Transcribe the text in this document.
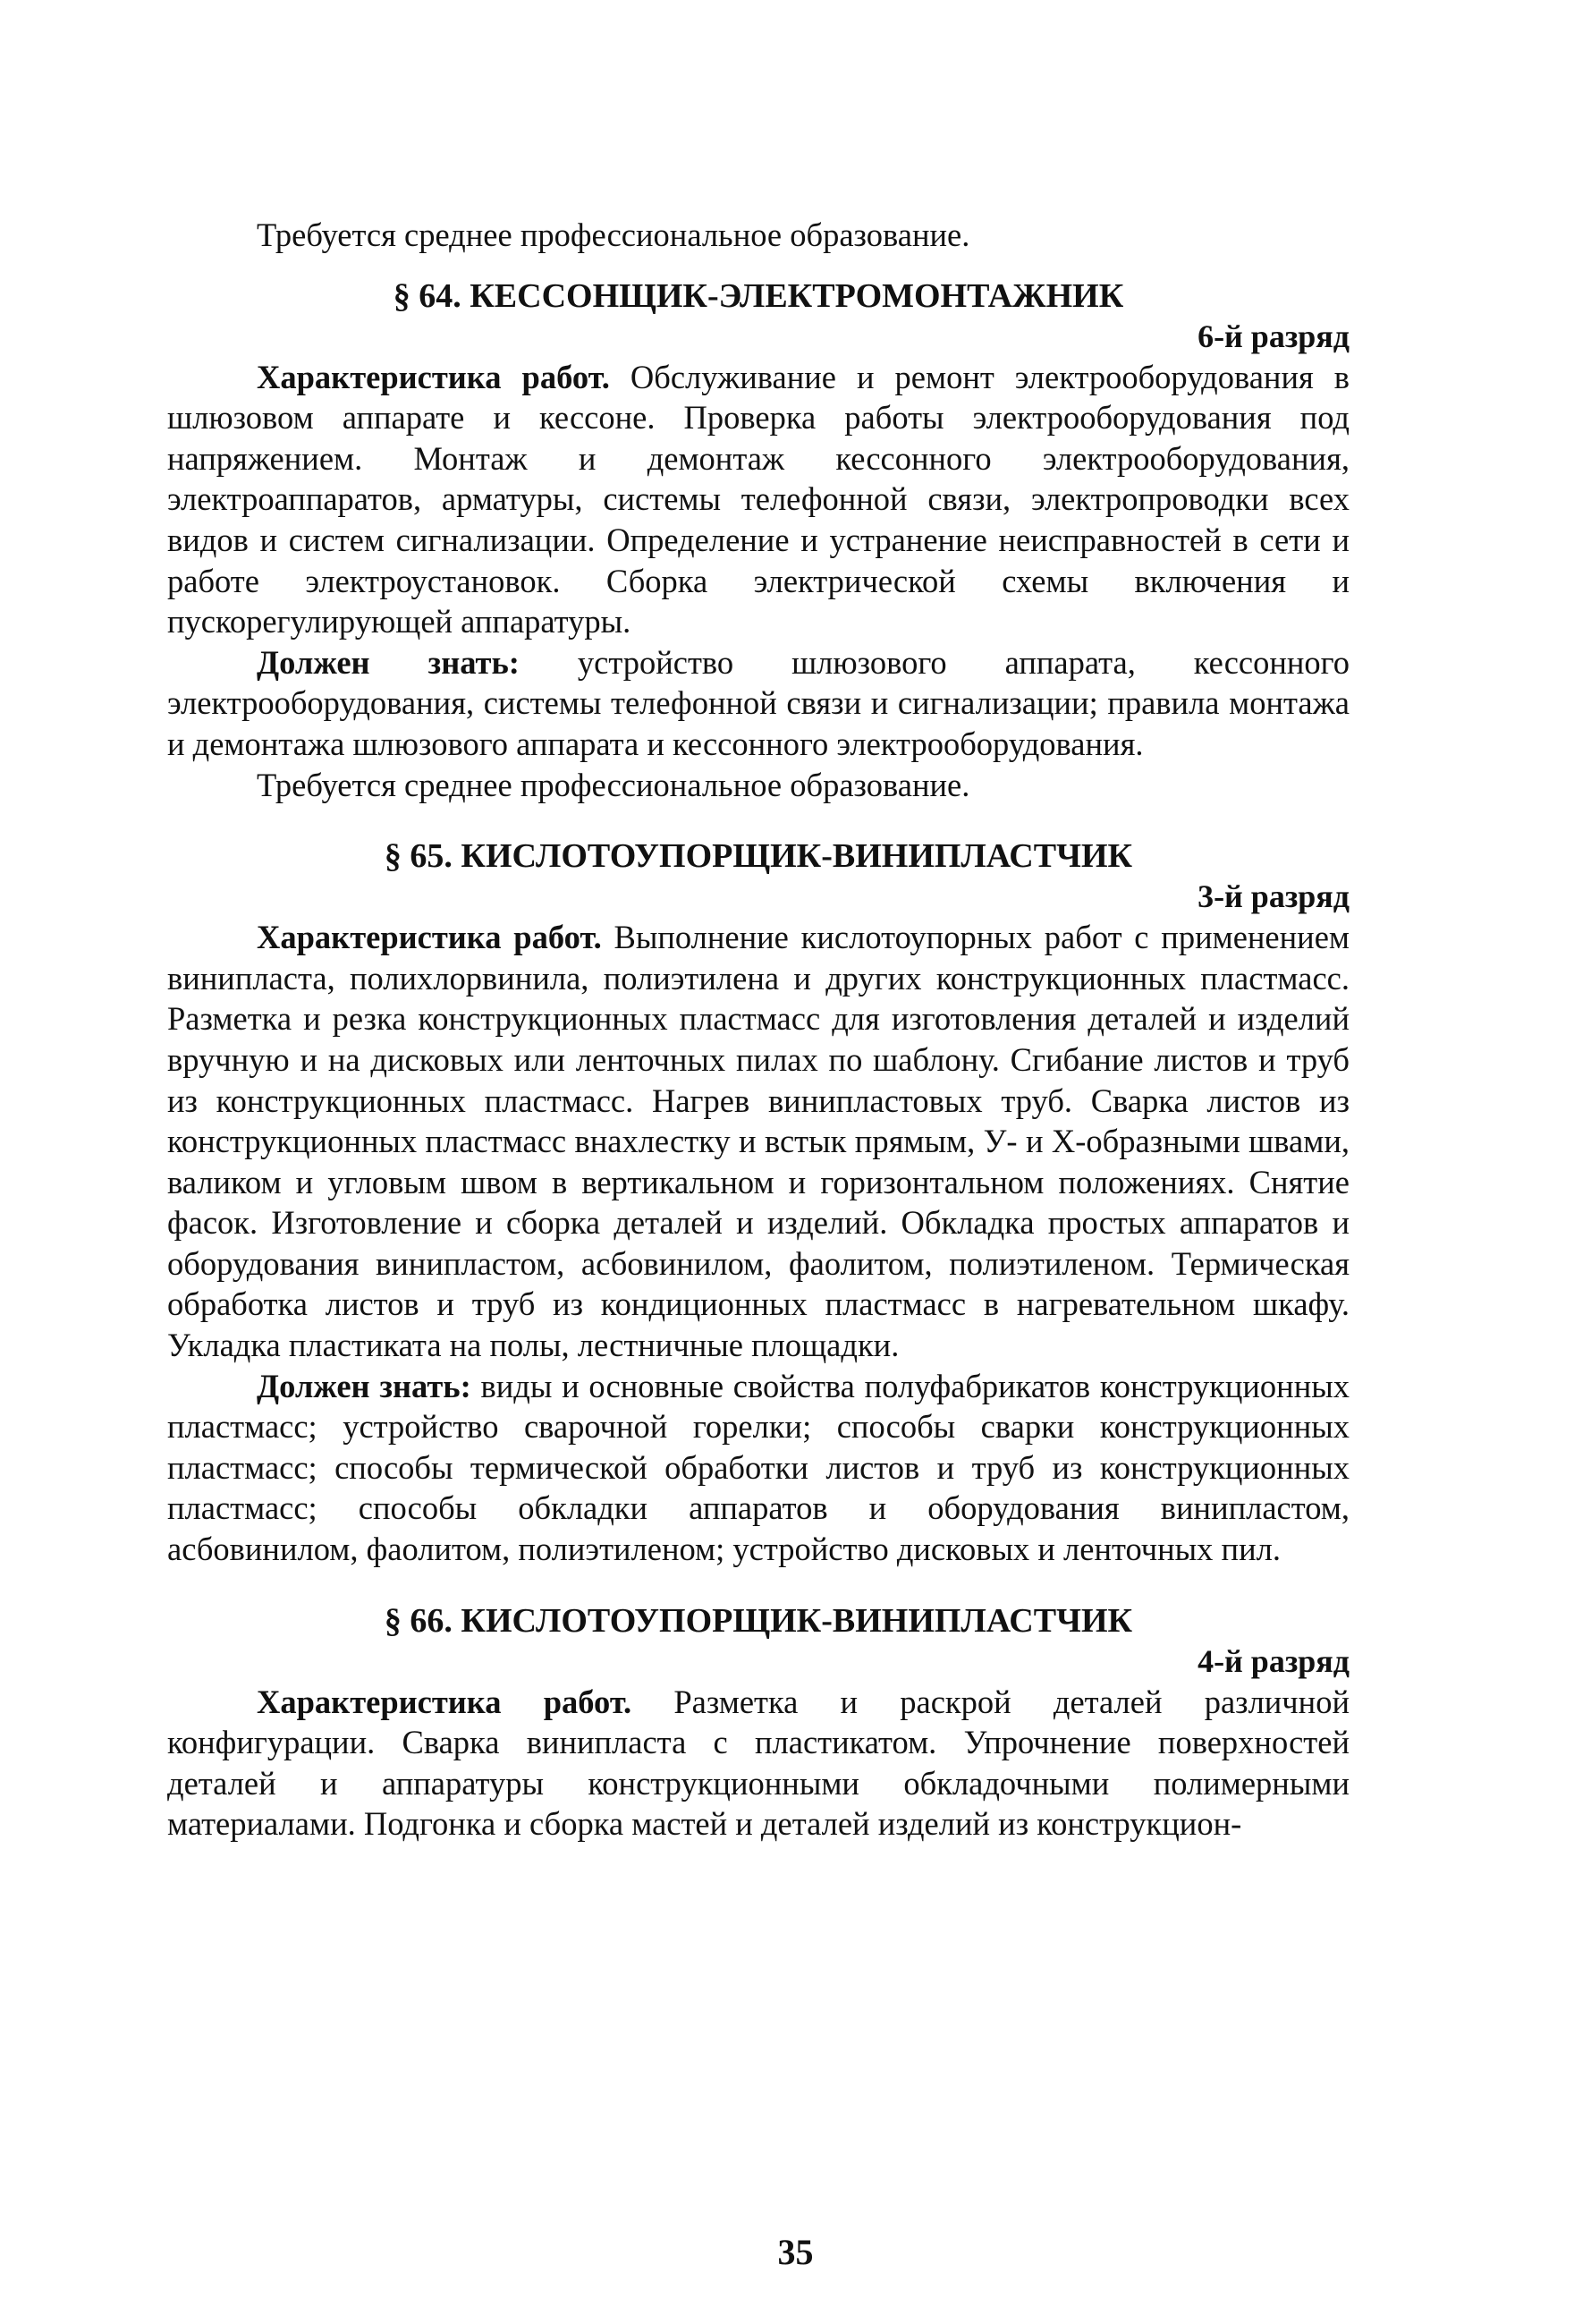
Требуется среднее профессиональное образование.

§ 64. КЕССОНЩИК-ЭЛЕКТРОМОНТАЖНИК
6-й разряд

Характеристика работ. Обслуживание и ремонт электрооборудования в шлюзовом аппарате и кессоне. Проверка работы электрооборудования под напряжением. Монтаж и демонтаж кессонного электрооборудования, электроаппаратов, арматуры, системы телефонной связи, электропроводки всех видов и систем сигнализации. Определение и устранение неисправностей в сети и работе электроустановок. Сборка электрической схемы включения и пускорегулирующей аппаратуры.

Должен знать: устройство шлюзового аппарата, кессонного электрооборудования, системы телефонной связи и сигнализации; правила монтажа и демонтажа шлюзового аппарата и кессонного электрооборудования.

Требуется среднее профессиональное образование.

§ 65. КИСЛОТОУПОРЩИК-ВИНИПЛАСТЧИК
3-й разряд

Характеристика работ. Выполнение кислотоупорных работ с применением винипласта, полихлорвинила, полиэтилена и других конструкционных пластмасс. Разметка и резка конструкционных пластмасс для изготовления деталей и изделий вручную и на дисковых или ленточных пилах по шаблону. Сгибание листов и труб из конструкционных пластмасс. Нагрев винипластовых труб. Сварка листов из конструкционных пластмасс внахлестку и встык прямым, У- и Х-образными швами, валиком и угловым швом в вертикальном и горизонтальном положениях. Снятие фасок. Изготовление и сборка деталей и изделий. Обкладка простых аппаратов и оборудования винипластом, асбовинилом, фаолитом, полиэтиленом. Термическая обработка листов и труб из кондиционных пластмасс в нагревательном шкафу. Укладка пластиката на полы, лестничные площадки.

Должен знать: виды и основные свойства полуфабрикатов конструкционных пластмасс; устройство сварочной горелки; способы сварки конструкционных пластмасс; способы термической обработки листов и труб из конструкционных пластмасс; способы обкладки аппаратов и оборудования винипластом, асбовинилом, фаолитом, полиэтиленом; устройство дисковых и ленточных пил.

§ 66. КИСЛОТОУПОРЩИК-ВИНИПЛАСТЧИК
4-й разряд

Характеристика работ. Разметка и раскрой деталей различной конфигурации. Сварка винипласта с пластикатом. Упрочнение поверхностей деталей и аппаратуры конструкционными обкладочными полимерными материалами. Подгонка и сборка мастей и деталей изделий из конструкцион-

35
